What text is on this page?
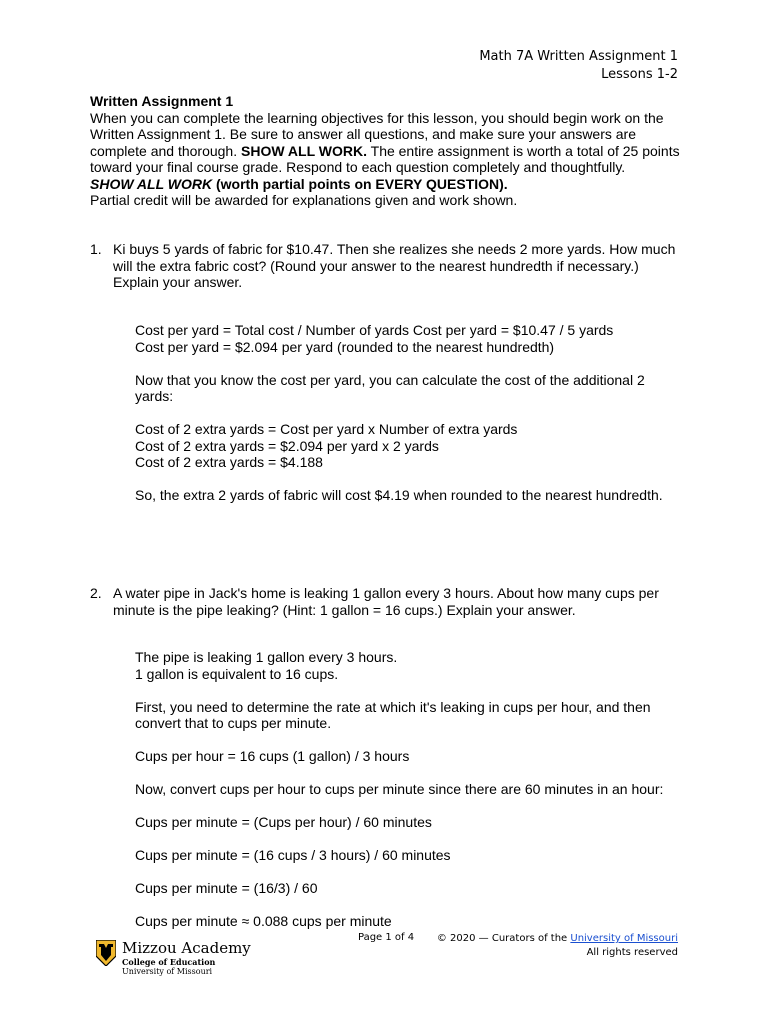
Math 7A Written Assignment 1
Lessons 1-2
Written Assignment 1
When you can complete the learning objectives for this lesson, you should begin work on the
Written Assignment 1. Be sure to answer all questions, and make sure your answers are
complete and thorough. SHOW ALL WORK. The entire assignment is worth a total of 25 points
toward your final course grade. Respond to each question completely and thoughtfully.
SHOW ALL WORK (worth partial points on EVERY QUESTION).
Partial credit will be awarded for explanations given and work shown.
1. Ki buys 5 yards of fabric for $10.47. Then she realizes she needs 2 more yards. How much
will the extra fabric cost? (Round your answer to the nearest hundredth if necessary.)
Explain your answer.

Cost per yard = Total cost / Number of yards Cost per yard = $10.47 / 5 yards

Cost per yard = $2.094 per yard (rounded to the nearest hundredth)

Now that you know the cost per yard, you can calculate the cost of the additional 2

yards:

Cost of 2 extra yards = Cost per yard x Number of extra yards

Cost of 2 extra yards = $2.094 per yard x 2 yards

Cost of 2 extra yards = $4.188

So, the extra 2 yards of fabric will cost $4.19 when rounded to the nearest hundredth.

2. A water pipe in Jack's home is leaking 1 gallon every 3 hours. About how many cups per
minute is the pipe leaking? (Hint: 1 gallon = 16 cups.) Explain your answer.

The pipe is leaking 1 gallon every 3 hours.

1 gallon is equivalent to 16 cups.

First, you need to determine the rate at which it's leaking in cups per hour, and then

convert that to cups per minute.

Cups per hour = 16 cups (1 gallon) / 3 hours

Now, convert cups per hour to cups per minute since there are 60 minutes in an hour:

Cups per minute = (Cups per hour) / 60 minutes

Cups per minute = (16 cups / 3 hours) / 60 minutes

Cups per minute = (16/3) / 60

Cups per minute ≈ 0.088 cups per minute

Mizzou Academy
College of Education
University of Missouri
Page 1 of 4 © 2020 — Curators of the University of Missouri
All rights reserved
